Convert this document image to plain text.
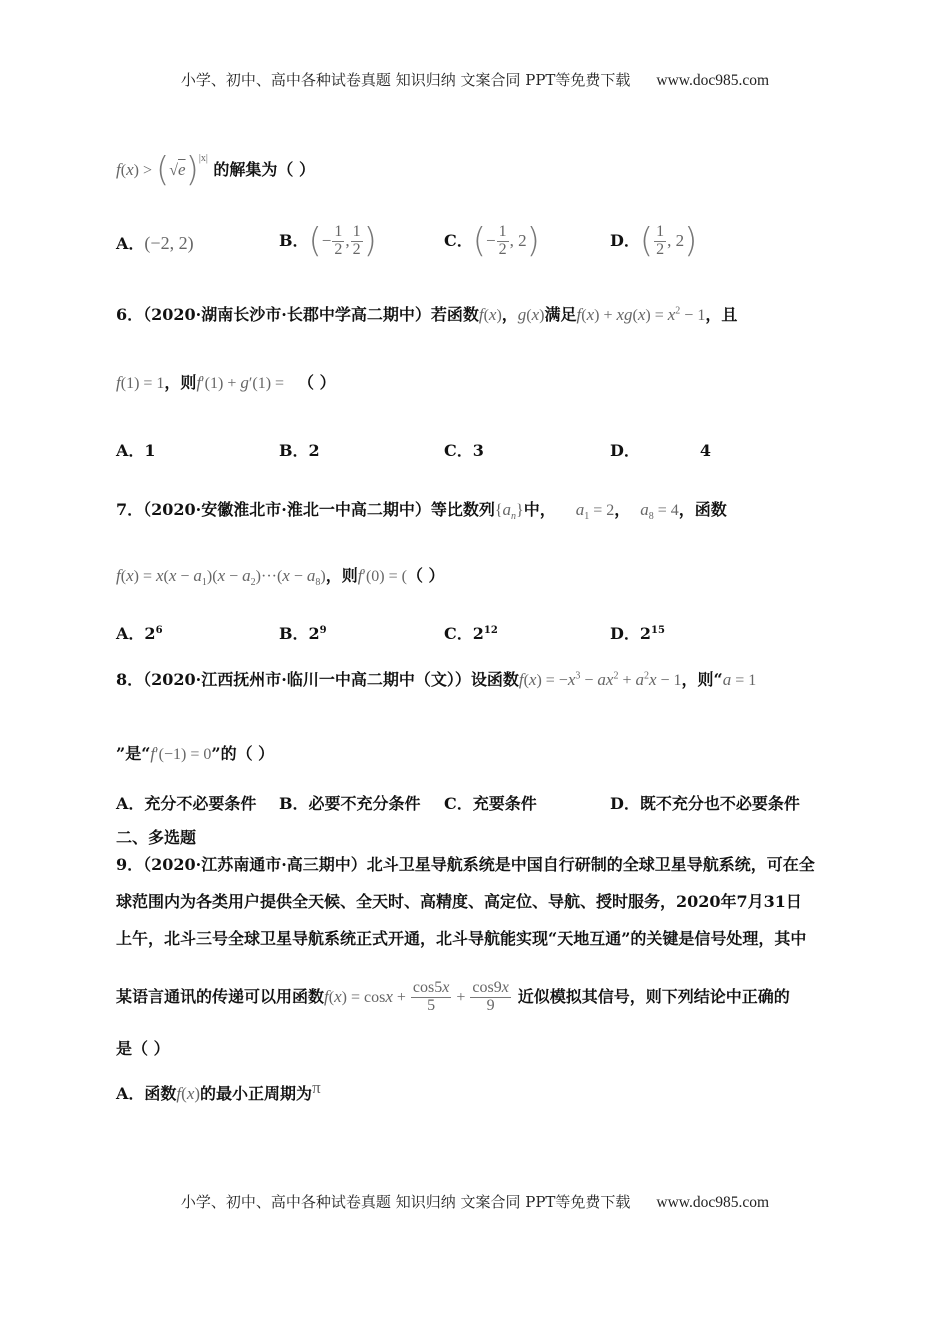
小学、初中、高中各种试卷真题 知识归纳 文案合同 PPT等免费下载 www.doc985.com
$f(x) > (√e)^{|x|}$ 的解集为（ ）
A．(−2, 2)	B．(− $\frac{1}{2}$ , $\frac{1}{2}$ )	C．(− $\frac{1}{2}$ , 2)	D．( $\frac{1}{2}$ , 2)
6．（2020·湖南长沙市·长郡中学高二期中）若函数f(x)，g(x)满足$f(x) + xg(x) = x^2 - 1$，且
f(1) = 1，则f′(1) + g′(1) = （ ）
A．1	B．2	C．3	D．	4
7．（2020·安徽淮北市·淮北一中高二期中）等比数列$\{a_n\}$中， $a_1 = 2$， $a_8 = 4$，函数
$f(x) = x(x - a_1)(x - a_2)\cdot\cdot\cdot(x - a_8)$，则f′(0) = ( （ ）
A．$2^6$	B．$2^9$	C．$2^{12}$	D．$2^{15}$
8．（2020·江西抚州市·临川一中高二期中（文））设函数$f(x) = -x^3 - ax^2 + a^2x - 1$，则“a = 1
”是“f′(−1) = 0”的（ ）
A．充分不必要条件 B．必要不充分条件 C．充要条件	D．既不充分也不必要条件
二、多选题
9．（2020·江苏南通市·高三期中）北斗卫星导航系统是中国自行研制的全球卫星导航系统，可在全
球范围内为各类用户提供全天候、全天时、高精度、高定位、导航、授时服务，2020年7月31日
上午，北斗三号全球卫星导航系统正式开通，北斗导航能实现“天地互通”的关键是信号处理，其中
某语言通讯的传递可以用函数$f(x) = \cos x + \frac{\cos 5x}{5} + \frac{\cos 9x}{9}$ 近似模拟其信号，则下列结论中正确的
是（ ）
A．函数f(x)的最小正周期为π
小学、初中、高中各种试卷真题 知识归纳 文案合同 PPT等免费下载 www.doc985.com
